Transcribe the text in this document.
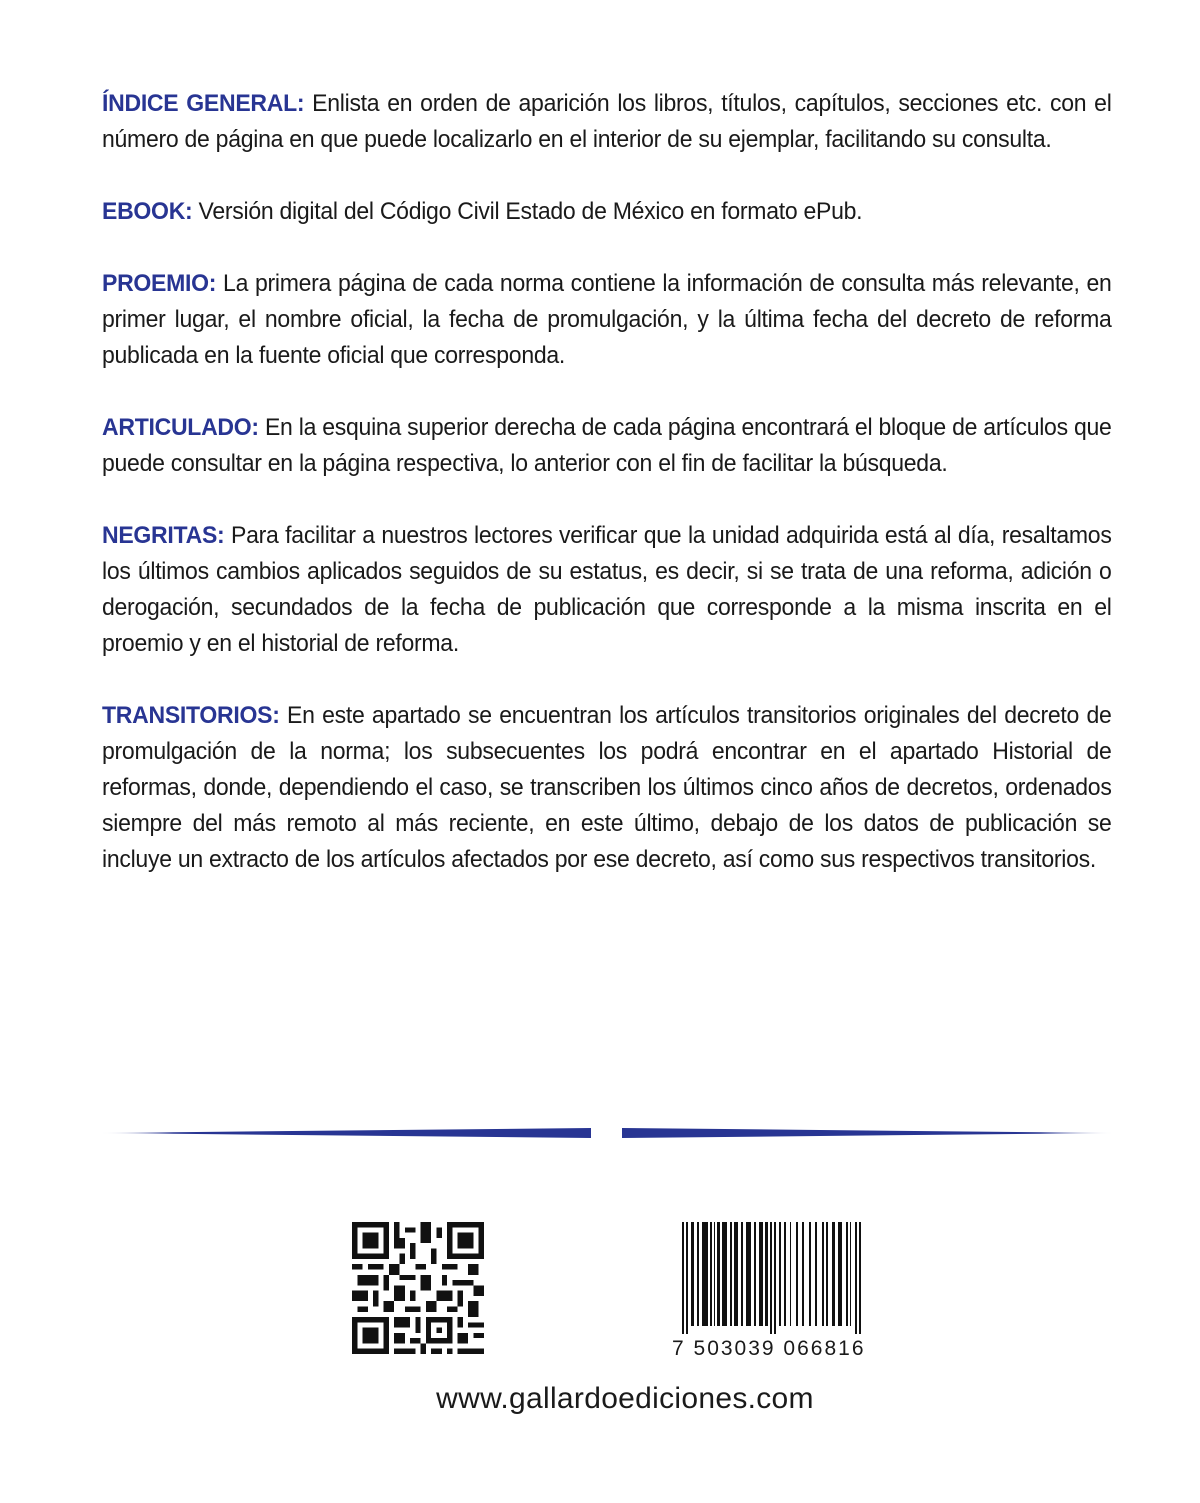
ÍNDICE GENERAL: Enlista en orden de aparición los libros, títulos, capítulos, secciones etc. con el número de página en que puede localizarlo en el interior de su ejemplar, facilitando su consulta.

EBOOK: Versión digital del Código Civil Estado de México en formato ePub.

PROEMIO: La primera página de cada norma contiene la información de consulta más relevante, en primer lugar, el nombre oficial, la fecha de promulgación, y la última fecha del decreto de reforma publicada en la fuente oficial que corresponda.

ARTICULADO: En la esquina superior derecha de cada página encontrará el bloque de artículos que puede consultar en la página respectiva, lo anterior con el fin de facilitar la búsqueda.

NEGRITAS: Para facilitar a nuestros lectores verificar que la unidad adquirida está al día, resaltamos los últimos cambios aplicados seguidos de su estatus, es decir, si se trata de una reforma, adición o derogación, secundados de la fecha de publicación que corresponde a la misma inscrita en el proemio y en el historial de reforma.

TRANSITORIOS: En este apartado se encuentran los artículos transitorios originales del decreto de promulgación de la norma; los subsecuentes los podrá encontrar en el apartado Historial de reformas, donde, dependiendo el caso, se transcriben los últimos cinco años de decretos, ordenados siempre del más remoto al más reciente, en este último, debajo de los datos de publicación se incluye un extracto de los artículos afectados por ese decreto, así como sus respectivos transitorios.

7 503039 066816
www.gallardoediciones.com
